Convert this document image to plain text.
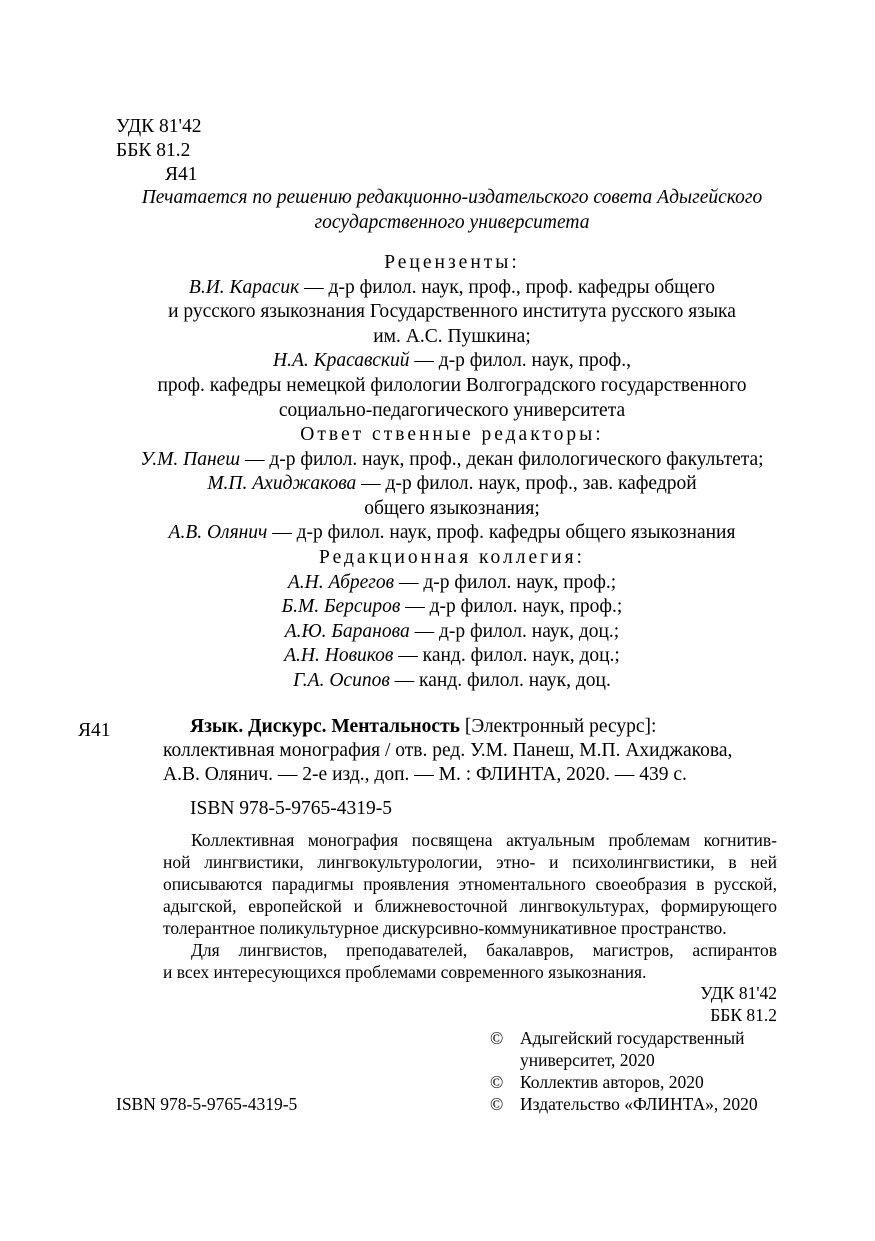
УДК 81'42
ББК 81.2
Я41
Печатается по решению редакционно-издательского совета Адыгейского
государственного университета
Рецензенты:
В.И. Карасик — д-р филол. наук, проф., проф. кафедры общего
и русского языкознания Государственного института русского языка
им. А.С. Пушкина;
Н.А. Красавский — д-р филол. наук, проф.,
проф. кафедры немецкой филологии Волгоградского государственного
социально-педагогического университета
Ответ ственные редакторы:
У.М. Панеш — д-р филол. наук, проф., декан филологического факультета;
М.П. Ахиджакова — д-р филол. наук, проф., зав. кафедрой
общего языкознания;
А.В. Олянич — д-р филол. наук, проф. кафедры общего языкознания
Редакционная коллегия:
А.Н. Абрегов — д-р филол. наук, проф.;
Б.М. Берсиров — д-р филол. наук, проф.;
А.Ю. Баранова — д-р филол. наук, доц.;
А.Н. Новиков — канд. филол. наук, доц.;
Г.А. Осипов — канд. филол. наук, доц.
Я41	Язык. Дискурс. Ментальность [Электронный ресурс]:
коллективная монография / отв. ред. У.М. Панеш, М.П. Ахиджакова,
А.В. Олянич. — 2-е изд., доп. — М. : ФЛИНТА, 2020. — 439 с.
ISBN 978-5-9765-4319-5
Коллективная монография посвящена актуальным проблемам когнитив-
ной лингвистики, лингвокультурологии, этно- и психолингвистики, в ней
описываются парадигмы проявления этноментального своеобразия в русской,
адыгской, европейской и ближневосточной лингвокультурах, формирующего
толерантное поликультурное дискурсивно-коммуникативное пространство.
Для лингвистов, преподавателей, бакалавров, магистров, аспирантов
и всех интересующихся проблемами современного языкознания.
УДК 81'42
ББК 81.2
© Адыгейский государственный
университет, 2020
© Коллектив авторов, 2020
© Издательство «ФЛИНТА», 2020
ISBN 978-5-9765-4319-5
